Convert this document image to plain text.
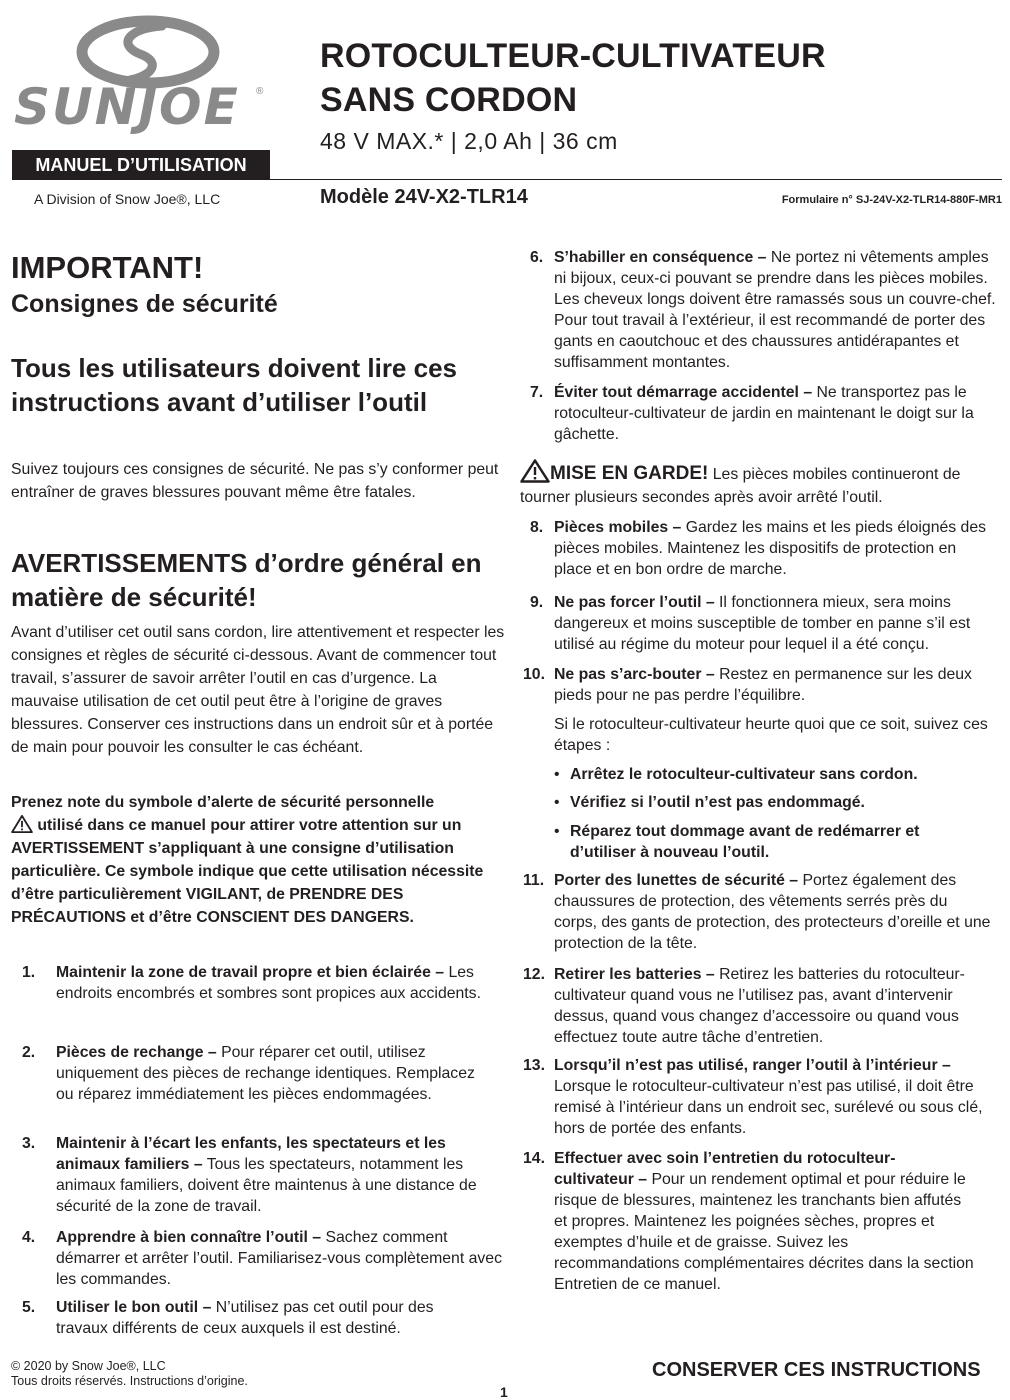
SUNJOE ®
MANUEL D’UTILISATION
A Division of Snow Joe®, LLC
ROTOCULTEUR-CULTIVATEUR
SANS CORDON
48 V MAX.* | 2,0 Ah | 36 cm
Modèle 24V-X2-TLR14	Formulaire n° SJ-24V-X2-TLR14-880F-MR1
IMPORTANT!
Consignes de sécurité
Tous les utilisateurs doivent lire ces instructions avant d’utiliser l’outil
Suivez toujours ces consignes de sécurité. Ne pas s’y conformer peut entraîner de graves blessures pouvant même être fatales.
AVERTISSEMENTS d’ordre général en matière de sécurité!
Avant d’utiliser cet outil sans cordon, lire attentivement et respecter les consignes et règles de sécurité ci-dessous. Avant de commencer tout travail, s’assurer de savoir arrêter l’outil en cas d’urgence. La mauvaise utilisation de cet outil peut être à l’origine de graves blessures. Conserver ces instructions dans un endroit sûr et à portée de main pour pouvoir les consulter le cas échéant.
Prenez note du symbole d’alerte de sécurité personnelle
utilisé dans ce manuel pour attirer votre attention sur un AVERTISSEMENT s’appliquant à une consigne d’utilisation particulière. Ce symbole indique que cette utilisation nécessite d’être particulièrement VIGILANT, de PRENDRE DES PRÉCAUTIONS et d’être CONSCIENT DES DANGERS.
1. Maintenir la zone de travail propre et bien éclairée – Les endroits encombrés et sombres sont propices aux accidents.
2. Pièces de rechange – Pour réparer cet outil, utilisez uniquement des pièces de rechange identiques. Remplacez ou réparez immédiatement les pièces endommagées.
3. Maintenir à l’écart les enfants, les spectateurs et les animaux familiers – Tous les spectateurs, notamment les animaux familiers, doivent être maintenus à une distance de sécurité de la zone de travail.
4. Apprendre à bien connaître l’outil – Sachez comment démarrer et arrêter l’outil. Familiarisez-vous complètement avec les commandes.
5. Utiliser le bon outil – N’utilisez pas cet outil pour des travaux différents de ceux auxquels il est destiné.
6. S’habiller en conséquence – Ne portez ni vêtements amples ni bijoux, ceux-ci pouvant se prendre dans les pièces mobiles. Les cheveux longs doivent être ramassés sous un couvre-chef. Pour tout travail à l’extérieur, il est recommandé de porter des gants en caoutchouc et des chaussures antidérapantes et suffisamment montantes.
7. Éviter tout démarrage accidentel – Ne transportez pas le rotoculteur-cultivateur de jardin en maintenant le doigt sur la gâchette.
MISE EN GARDE! Les pièces mobiles continueront de tourner plusieurs secondes après avoir arrêté l’outil.
8. Pièces mobiles – Gardez les mains et les pieds éloignés des pièces mobiles. Maintenez les dispositifs de protection en place et en bon ordre de marche.
9. Ne pas forcer l’outil – Il fonctionnera mieux, sera moins dangereux et moins susceptible de tomber en panne s’il est utilisé au régime du moteur pour lequel il a été conçu.
10. Ne pas s’arc-bouter – Restez en permanence sur les deux pieds pour ne pas perdre l’équilibre.
Si le rotoculteur-cultivateur heurte quoi que ce soit, suivez ces étapes :
• Arrêtez le rotoculteur-cultivateur sans cordon.
• Vérifiez si l’outil n’est pas endommagé.
• Réparez tout dommage avant de redémarrer et d’utiliser à nouveau l’outil.
11. Porter des lunettes de sécurité – Portez également des chaussures de protection, des vêtements serrés près du corps, des gants de protection, des protecteurs d’oreille et une protection de la tête.
12. Retirer les batteries – Retirez les batteries du rotoculteur-cultivateur quand vous ne l’utilisez pas, avant d’intervenir dessus, quand vous changez d’accessoire ou quand vous effectuez toute autre tâche d’entretien.
13. Lorsqu’il n’est pas utilisé, ranger l’outil à l’intérieur – Lorsque le rotoculteur-cultivateur n’est pas utilisé, il doit être remisé à l’intérieur dans un endroit sec, surélevé ou sous clé, hors de portée des enfants.
14. Effectuer avec soin l’entretien du rotoculteur-cultivateur – Pour un rendement optimal et pour réduire le risque de blessures, maintenez les tranchants bien affutés et propres. Maintenez les poignées sèches, propres et exemptes d’huile et de graisse. Suivez les recommandations complémentaires décrites dans la section Entretien de ce manuel.
© 2020 by Snow Joe®, LLC
Tous droits réservés. Instructions d’origine.	CONSERVER CES INSTRUCTIONS
1
